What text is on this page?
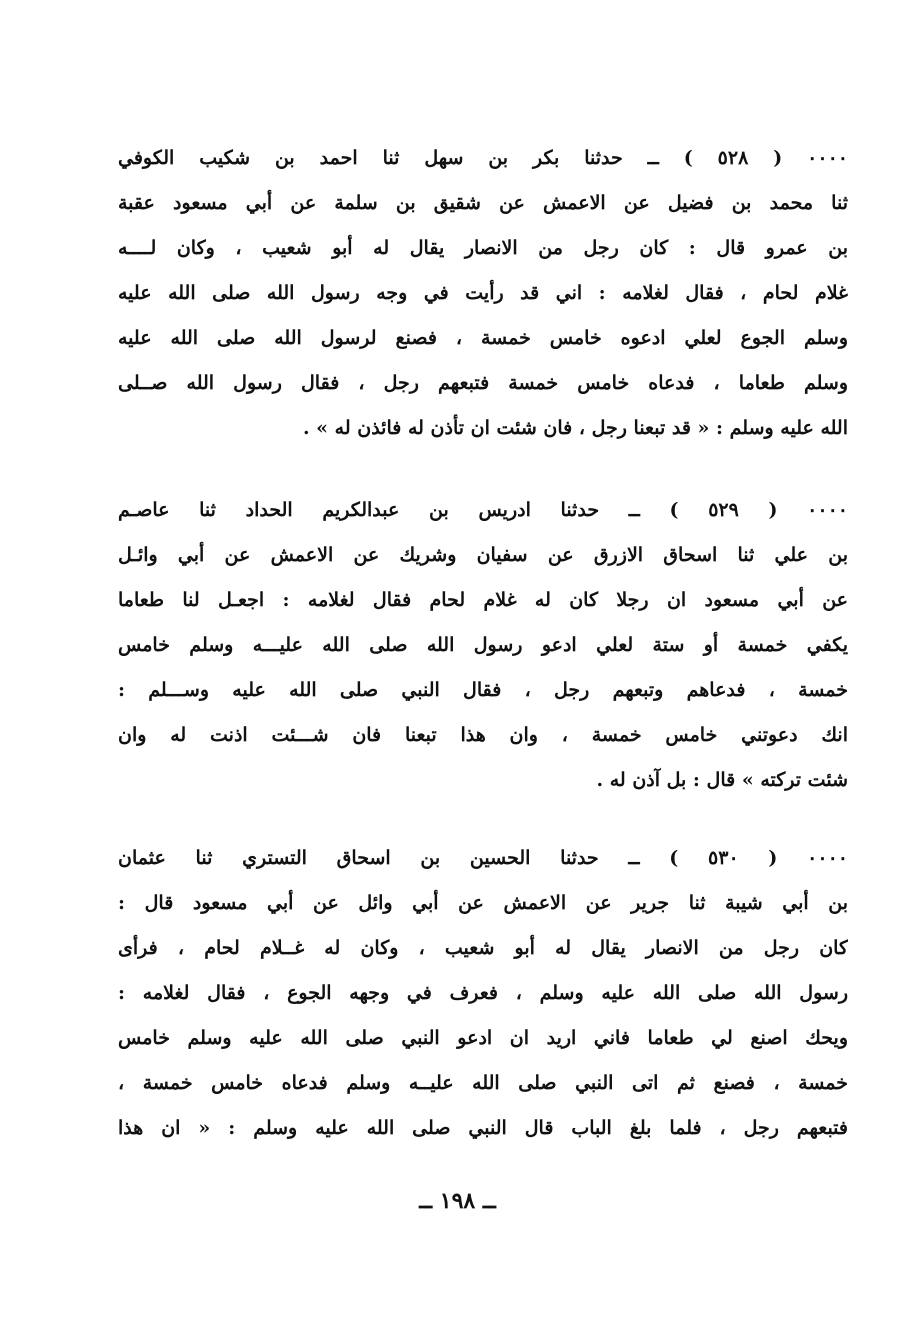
٠٠٠٠ ( ٥٢٨ ) ــ حدثنا بكر بن سهل ثنا احمد بن شكيب الكوفي
ثنا محمد بن فضيل عن الاعمش عن شقيق بن سلمة عن أبي مسعود عقبة
بن عمرو قال : كان رجل من الانصار يقال له أبو شعيب ، وكان لــــه
غلام لحام ، فقال لغلامه : اني قد رأيت في وجه رسول الله صلى الله عليه
وسلم الجوع لعلي ادعوه خامس خمسة ، فصنع لرسول الله صلى الله عليه
وسلم طعاما ، فدعاه خامس خمسة فتبعهم رجل ، فقال رسول الله صــلى
الله عليه وسلم : « قد تبعنا رجل ، فان شئت ان تأذن له فائذن له » .
٠٠٠٠ ( ٥٢٩ ) ــ حدثنا ادريس بن عبدالكريم الحداد ثنا عاصـم
بن علي ثنا اسحاق الازرق عن سفيان وشريك عن الاعمش عن أبي وائـل
عن أبي مسعود ان رجلا كان له غلام لحام فقال لغلامه : اجعـل لنا طعاما
يكفي خمسة أو ستة لعلي ادعو رسول الله صلى الله عليـــه وسلم خامس
خمسة ، فدعاهم وتبعهم رجل ، فقال النبي صلى الله عليه وســـلم :
انك دعوتني خامس خمسة ، وان هذا تبعنا فان شـــئت اذنت له وان
شئت تركته » قال : بل آذن له .
٠٠٠٠ ( ٥٣٠ ) ــ حدثنا الحسين بن اسحاق التستري ثنا عثمان
بن أبي شيبة ثنا جرير عن الاعمش عن أبي وائل عن أبي مسعود قال :
كان رجل من الانصار يقال له أبو شعيب ، وكان له غــلام لحام ، فرأى
رسول الله صلى الله عليه وسلم ، فعرف في وجهه الجوع ، فقال لغلامه :
ويحك اصنع لي طعاما فاني اريد ان ادعو النبي صلى الله عليه وسلم خامس
خمسة ، فصنع ثم اتى النبي صلى الله عليــه وسلم فدعاه خامس خمسة ،
فتبعهم رجل ، فلما بلغ الباب قال النبي صلى الله عليه وسلم : « ان هذا
ــ ١٩٨ ــ
